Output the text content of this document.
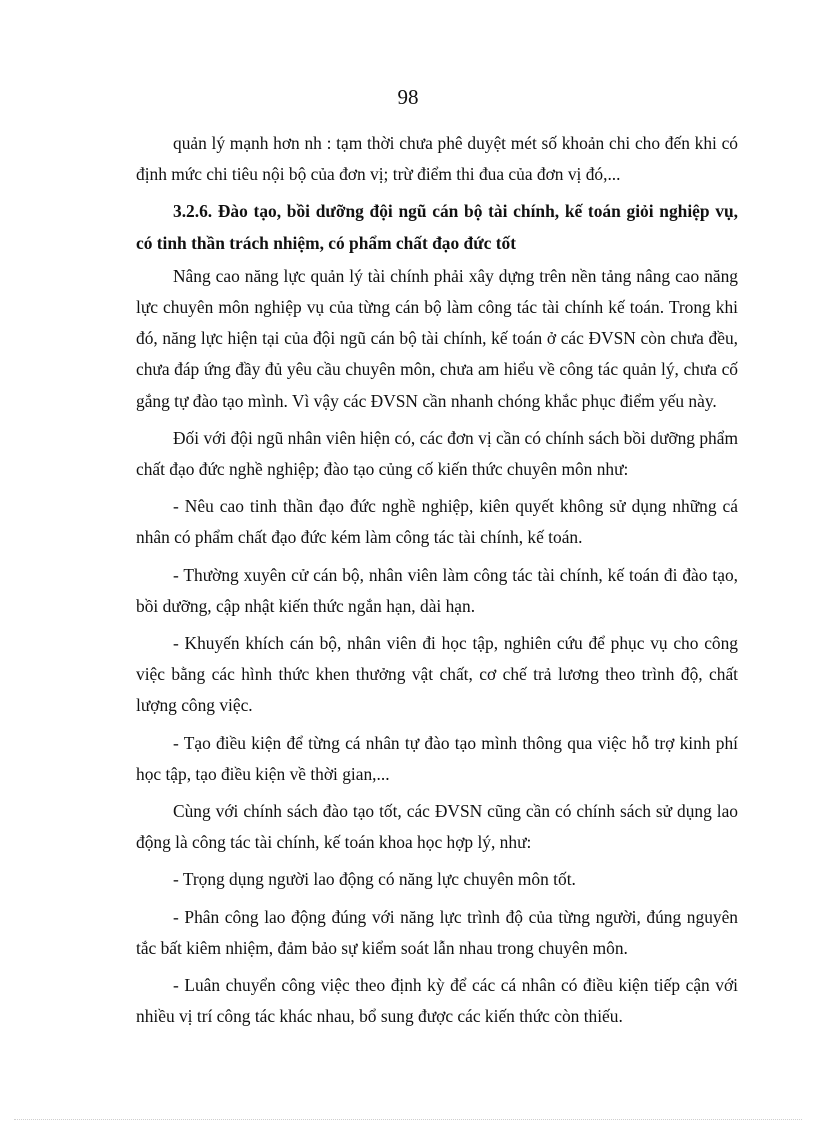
98

quản lý mạnh hơn nh : tạm thời chưa phê duyệt mét số khoản chi cho đến khi có định mức chi tiêu nội bộ của đơn vị; trừ điểm thi đua của đơn vị đó,...

3.2.6. Đào tạo, bồi dưỡng đội ngũ cán bộ tài chính, kế toán giỏi nghiệp vụ, có tinh thần trách nhiệm, có phẩm chất đạo đức tốt

Nâng cao năng lực quản lý tài chính phải xây dựng trên nền tảng nâng cao năng lực chuyên môn nghiệp vụ của từng cán bộ làm công tác tài chính kế toán. Trong khi đó, năng lực hiện tại của đội ngũ cán bộ tài chính, kế toán ở các ĐVSN còn chưa đều, chưa đáp ứng đầy đủ yêu cầu chuyên môn, chưa am hiểu về công tác quản lý, chưa cố gắng tự đào tạo mình. Vì vậy các ĐVSN cần nhanh chóng khắc phục điểm yếu này.

Đối với đội ngũ nhân viên hiện có, các đơn vị cần có chính sách bồi dưỡng phẩm chất đạo đức nghề nghiệp; đào tạo củng cố kiến thức chuyên môn như:

- Nêu cao tinh thần đạo đức nghề nghiệp, kiên quyết không sử dụng những cá nhân có phẩm chất đạo đức kém làm công tác tài chính, kế toán.

- Thường xuyên cử cán bộ, nhân viên làm công tác tài chính, kế toán đi đào tạo, bồi dưỡng, cập nhật kiến thức ngắn hạn, dài hạn.

- Khuyến khích cán bộ, nhân viên đi học tập, nghiên cứu để phục vụ cho công việc bằng các hình thức khen thưởng vật chất, cơ chế trả lương theo trình độ, chất lượng công việc.

- Tạo điều kiện để từng cá nhân tự đào tạo mình thông qua việc hỗ trợ kinh phí học tập, tạo điều kiện về thời gian,...

Cùng với chính sách đào tạo tốt, các ĐVSN cũng cần có chính sách sử dụng lao động là công tác tài chính, kế toán khoa học hợp lý, như:

- Trọng dụng người lao động có năng lực chuyên môn tốt.

- Phân công lao động đúng với năng lực trình độ của từng người, đúng nguyên tắc bất kiêm nhiệm, đảm bảo sự kiểm soát lẫn nhau trong chuyên môn.

- Luân chuyển công việc theo định kỳ để các cá nhân có điều kiện tiếp cận với nhiều vị trí công tác khác nhau, bổ sung được các kiến thức còn thiếu.
